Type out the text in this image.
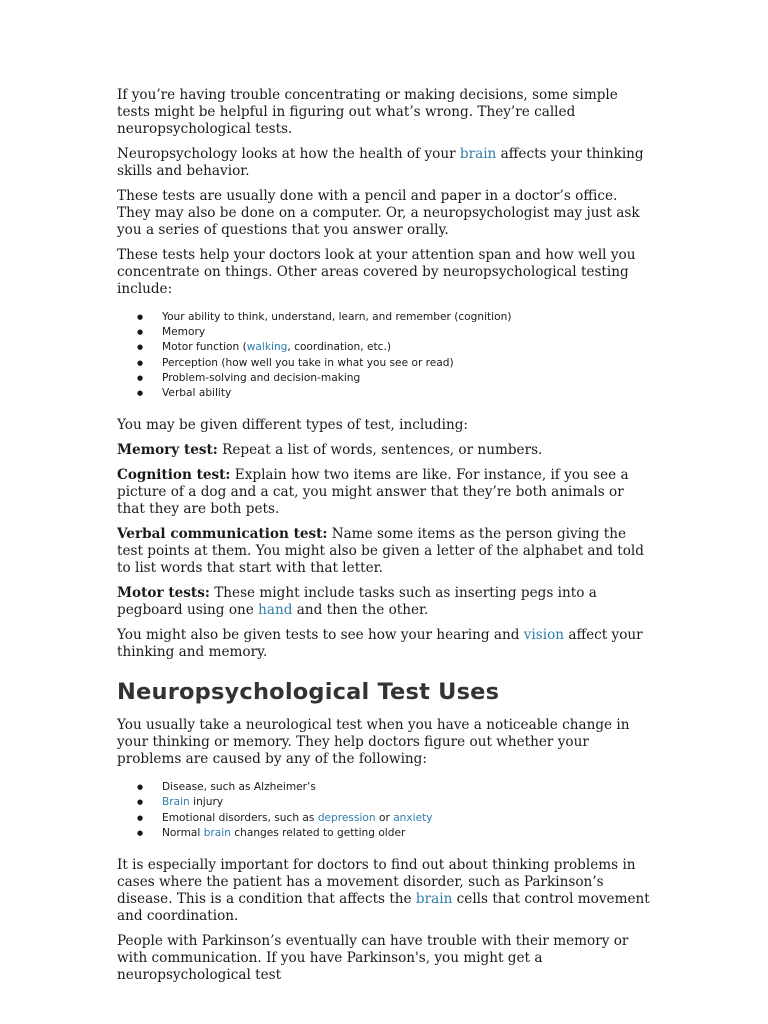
If you’re having trouble concentrating or making decisions, some simple tests might be helpful in figuring out what’s wrong. They’re called neuropsychological tests.

Neuropsychology looks at how the health of your brain affects your thinking skills and behavior.

These tests are usually done with a pencil and paper in a doctor’s office. They may also be done on a computer. Or, a neuropsychologist may just ask you a series of questions that you answer orally.

These tests help your doctors look at your attention span and how well you concentrate on things. Other areas covered by neuropsychological testing include:

● Your ability to think, understand, learn, and remember (cognition)
● Memory
● Motor function (walking, coordination, etc.)
● Perception (how well you take in what you see or read)
● Problem-solving and decision-making
● Verbal ability

You may be given different types of test, including:

Memory test: Repeat a list of words, sentences, or numbers.

Cognition test: Explain how two items are like. For instance, if you see a picture of a dog and a cat, you might answer that they’re both animals or that they are both pets.

Verbal communication test: Name some items as the person giving the test points at them. You might also be given a letter of the alphabet and told to list words that start with that letter.

Motor tests: These might include tasks such as inserting pegs into a pegboard using one hand and then the other.

You might also be given tests to see how your hearing and vision affect your thinking and memory.

Neuropsychological Test Uses

You usually take a neurological test when you have a noticeable change in your thinking or memory. They help doctors figure out whether your problems are caused by any of the following:

● Disease, such as Alzheimer’s
● Brain injury
● Emotional disorders, such as depression or anxiety
● Normal brain changes related to getting older

It is especially important for doctors to find out about thinking problems in cases where the patient has a movement disorder, such as Parkinson’s disease. This is a condition that affects the brain cells that control movement and coordination.

People with Parkinson’s eventually can have trouble with their memory or with communication. If you have Parkinson's, you might get a neuropsychological test
